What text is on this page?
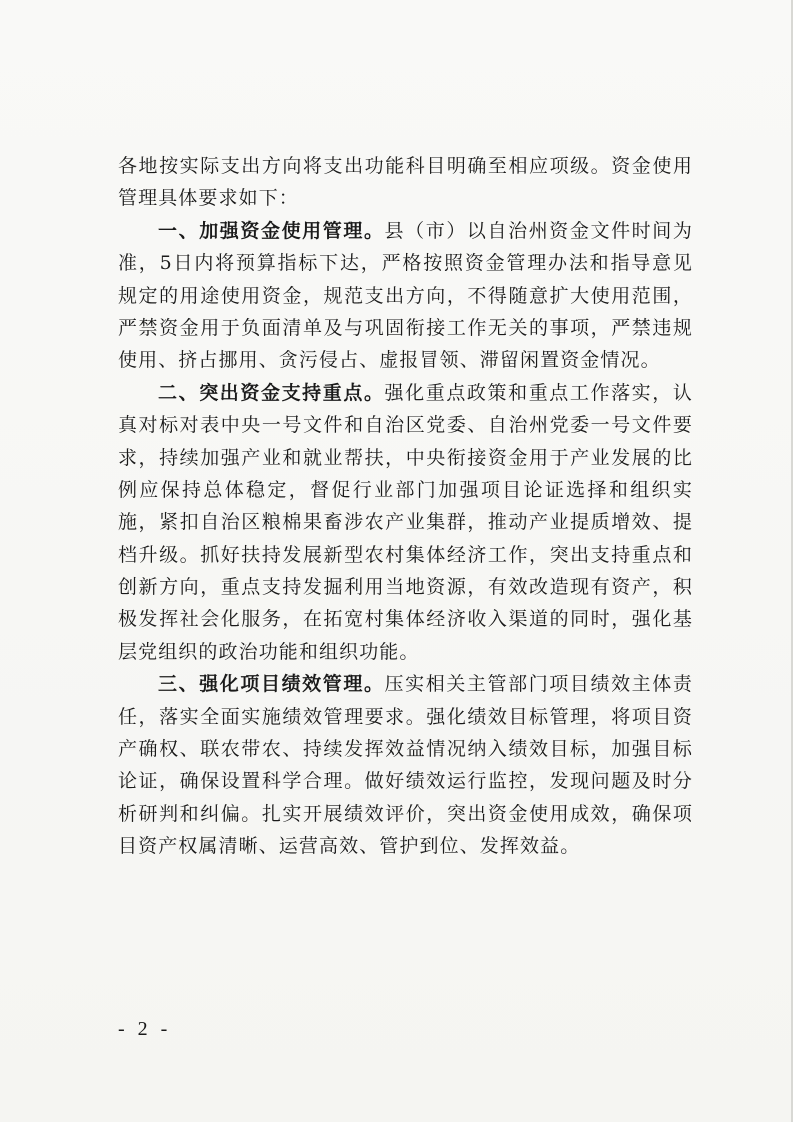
各地按实际支出方向将支出功能科目明确至相应项级。资金使用
管理具体要求如下：
一、加强资金使用管理。县（市）以自治州资金文件时间为
准，5日内将预算指标下达，严格按照资金管理办法和指导意见
规定的用途使用资金，规范支出方向，不得随意扩大使用范围，
严禁资金用于负面清单及与巩固衔接工作无关的事项，严禁违规
使用、挤占挪用、贪污侵占、虚报冒领、滞留闲置资金情况。
二、突出资金支持重点。强化重点政策和重点工作落实，认
真对标对表中央一号文件和自治区党委、自治州党委一号文件要
求，持续加强产业和就业帮扶，中央衔接资金用于产业发展的比
例应保持总体稳定，督促行业部门加强项目论证选择和组织实
施，紧扣自治区粮棉果畜涉农产业集群，推动产业提质增效、提
档升级。抓好扶持发展新型农村集体经济工作，突出支持重点和
创新方向，重点支持发掘利用当地资源，有效改造现有资产，积
极发挥社会化服务，在拓宽村集体经济收入渠道的同时，强化基
层党组织的政治功能和组织功能。
三、强化项目绩效管理。压实相关主管部门项目绩效主体责
任，落实全面实施绩效管理要求。强化绩效目标管理，将项目资
产确权、联农带农、持续发挥效益情况纳入绩效目标，加强目标
论证，确保设置科学合理。做好绩效运行监控，发现问题及时分
析研判和纠偏。扎实开展绩效评价，突出资金使用成效，确保项
目资产权属清晰、运营高效、管护到位、发挥效益。
- 2 -
